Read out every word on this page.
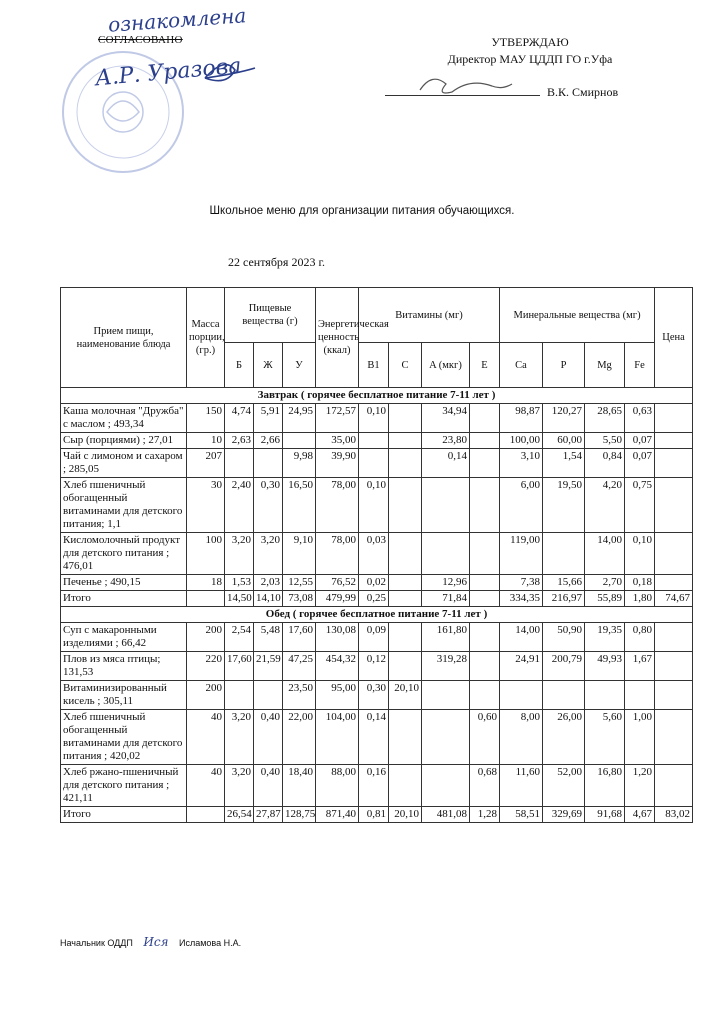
ознакомлена
СОГЛАСОВАНО
А.Р. Уразова
УТВЕРЖДАЮ
Директор МАУ ЦДДП ГО г.Уфа
В.К. Смирнов
Школьное меню для организации питания обучающихся.
22 сентября 2023 г.
Прием пищи, наименование блюда	Масса порции, (гр.)	Пищевые вещества (г)			Энергетическая ценность (ккал)	Витамины (мг)				Минеральные вещества (мг)				Цена
		Б	Ж	У		B1	C	A (мкг)	E	Ca	P	Mg	Fe	
Завтрак ( горячее бесплатное питание 7-11 лет )														
Каша молочная "Дружба" с маслом ; 493,34	150	4,74	5,91	24,95	172,57	0,10		34,94		98,87	120,27	28,65	0,63	
Сыр (порциями) ; 27,01	10	2,63	2,66		35,00			23,80		100,00	60,00	5,50	0,07	
Чай с лимоном и сахаром ; 285,05	207			9,98	39,90			0,14		3,10	1,54	0,84	0,07	
Хлеб пшеничный обогащенный витаминами для детского питания; 1,1	30	2,40	0,30	16,50	78,00	0,10				6,00	19,50	4,20	0,75	
Кисломолочный продукт для детского питания ; 476,01	100	3,20	3,20	9,10	78,00	0,03				119,00		14,00	0,10	
Печенье ; 490,15	18	1,53	2,03	12,55	76,52	0,02		12,96		7,38	15,66	2,70	0,18	
Итого		14,50	14,10	73,08	479,99	0,25		71,84		334,35	216,97	55,89	1,80	74,67
Обед ( горячее бесплатное питание 7-11 лет )														
Суп с макаронными изделиями ; 66,42	200	2,54	5,48	17,60	130,08	0,09		161,80		14,00	50,90	19,35	0,80	
Плов из мяса птицы; 131,53	220	17,60	21,59	47,25	454,32	0,12		319,28		24,91	200,79	49,93	1,67	
Витаминизированный кисель ; 305,11	200			23,50	95,00	0,30	20,10							
Хлеб пшеничный обогащенный витаминами для детского питания ; 420,02	40	3,20	0,40	22,00	104,00	0,14			0,60	8,00	26,00	5,60	1,00	
Хлеб ржано-пшеничный для детского питания ; 421,11	40	3,20	0,40	18,40	88,00	0,16			0,68	11,60	52,00	16,80	1,20	
Итого		26,54	27,87	128,75	871,40	0,81	20,10	481,08	1,28	58,51	329,69	91,68	4,67	83,02
Начальник ОДДП Ися Исламова Н.А.
